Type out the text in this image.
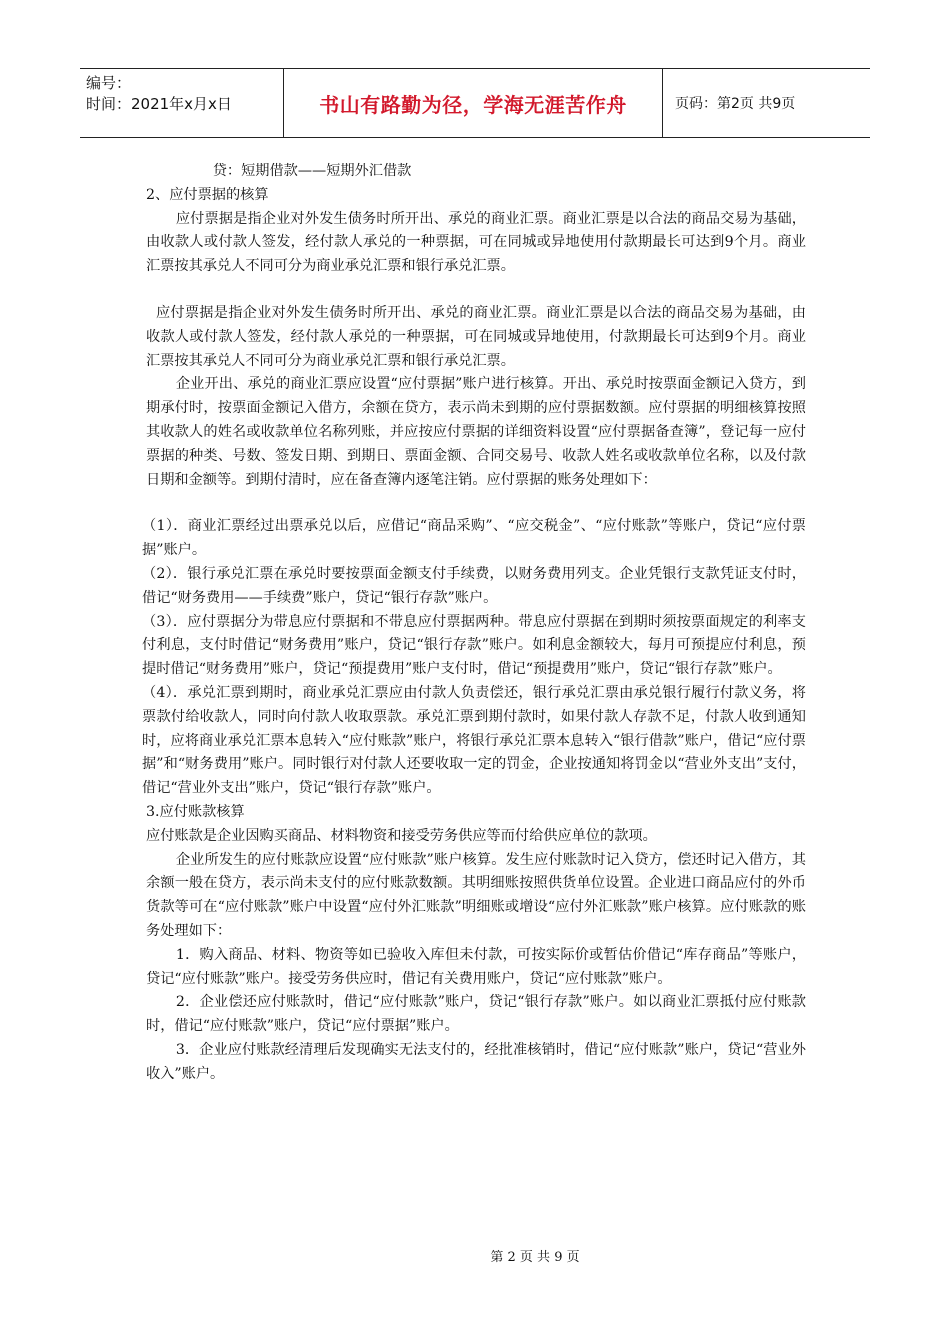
编号：
时间：2021年x月x日	书山有路勤为径，学海无涯苦作舟	页码：第2页 共9页

贷：短期借款——短期外汇借款

2、应付票据的核算

应付票据是指企业对外发生债务时所开出、承兑的商业汇票。商业汇票是以合法的商品交易为基础，由收款人或付款人签发，经付款人承兑的一种票据，可在同城或异地使用付款期最长可达到9个月。商业汇票按其承兑人不同可分为商业承兑汇票和银行承兑汇票。

应付票据是指企业对外发生债务时所开出、承兑的商业汇票。商业汇票是以合法的商品交易为基础，由收款人或付款人签发，经付款人承兑的一种票据，可在同城或异地使用，付款期最长可达到9个月。商业汇票按其承兑人不同可分为商业承兑汇票和银行承兑汇票。

企业开出、承兑的商业汇票应设置“应付票据”账户进行核算。开出、承兑时按票面金额记入贷方，到期承付时，按票面金额记入借方，余额在贷方，表示尚未到期的应付票据数额。应付票据的明细核算按照其收款人的姓名或收款单位名称列账，并应按应付票据的详细资料设置“应付票据备查簿”，登记每一应付票据的种类、号数、签发日期、到期日、票面金额、合同交易号、收款人姓名或收款单位名称，以及付款日期和金额等。到期付清时，应在备查簿内逐笔注销。应付票据的账务处理如下：

（1）．商业汇票经过出票承兑以后，应借记“商品采购”、“应交税金”、“应付账款”等账户，贷记“应付票据”账户。

（2）．银行承兑汇票在承兑时要按票面金额支付手续费，以财务费用列支。企业凭银行支款凭证支付时，借记“财务费用——手续费”账户，贷记“银行存款”账户。

（3）．应付票据分为带息应付票据和不带息应付票据两种。带息应付票据在到期时须按票面规定的利率支付利息，支付时借记“财务费用”账户，贷记“银行存款”账户。如利息金额较大，每月可预提应付利息，预提时借记“财务费用”账户，贷记“预提费用”账户支付时，借记“预提费用”账户，贷记“银行存款”账户。

（4）．承兑汇票到期时，商业承兑汇票应由付款人负责偿还，银行承兑汇票由承兑银行履行付款义务，将票款付给收款人，同时向付款人收取票款。承兑汇票到期付款时，如果付款人存款不足，付款人收到通知时，应将商业承兑汇票本息转入“应付账款”账户，将银行承兑汇票本息转入“银行借款”账户，借记“应付票据”和“财务费用”账户。同时银行对付款人还要收取一定的罚金，企业按通知将罚金以“营业外支出”支付，借记“营业外支出”账户，贷记“银行存款”账户。

3.应付账款核算

应付账款是企业因购买商品、材料物资和接受劳务供应等而付给供应单位的款项。

企业所发生的应付账款应设置“应付账款”账户核算。发生应付账款时记入贷方，偿还时记入借方，其余额一般在贷方，表示尚未支付的应付账款数额。其明细账按照供货单位设置。企业进口商品应付的外币货款等可在“应付账款”账户中设置“应付外汇账款”明细账或增设“应付外汇账款”账户核算。应付账款的账务处理如下：

1．购入商品、材料、物资等如已验收入库但未付款，可按实际价或暂估价借记“库存商品”等账户，贷记“应付账款”账户。接受劳务供应时，借记有关费用账户，贷记“应付账款”账户。

2．企业偿还应付账款时，借记“应付账款”账户，贷记“银行存款”账户。如以商业汇票抵付应付账款时，借记“应付账款”账户，贷记“应付票据”账户。

3．企业应付账款经清理后发现确实无法支付的，经批准核销时，借记“应付账款”账户，贷记“营业外收入”账户。

第 2 页 共 9 页
